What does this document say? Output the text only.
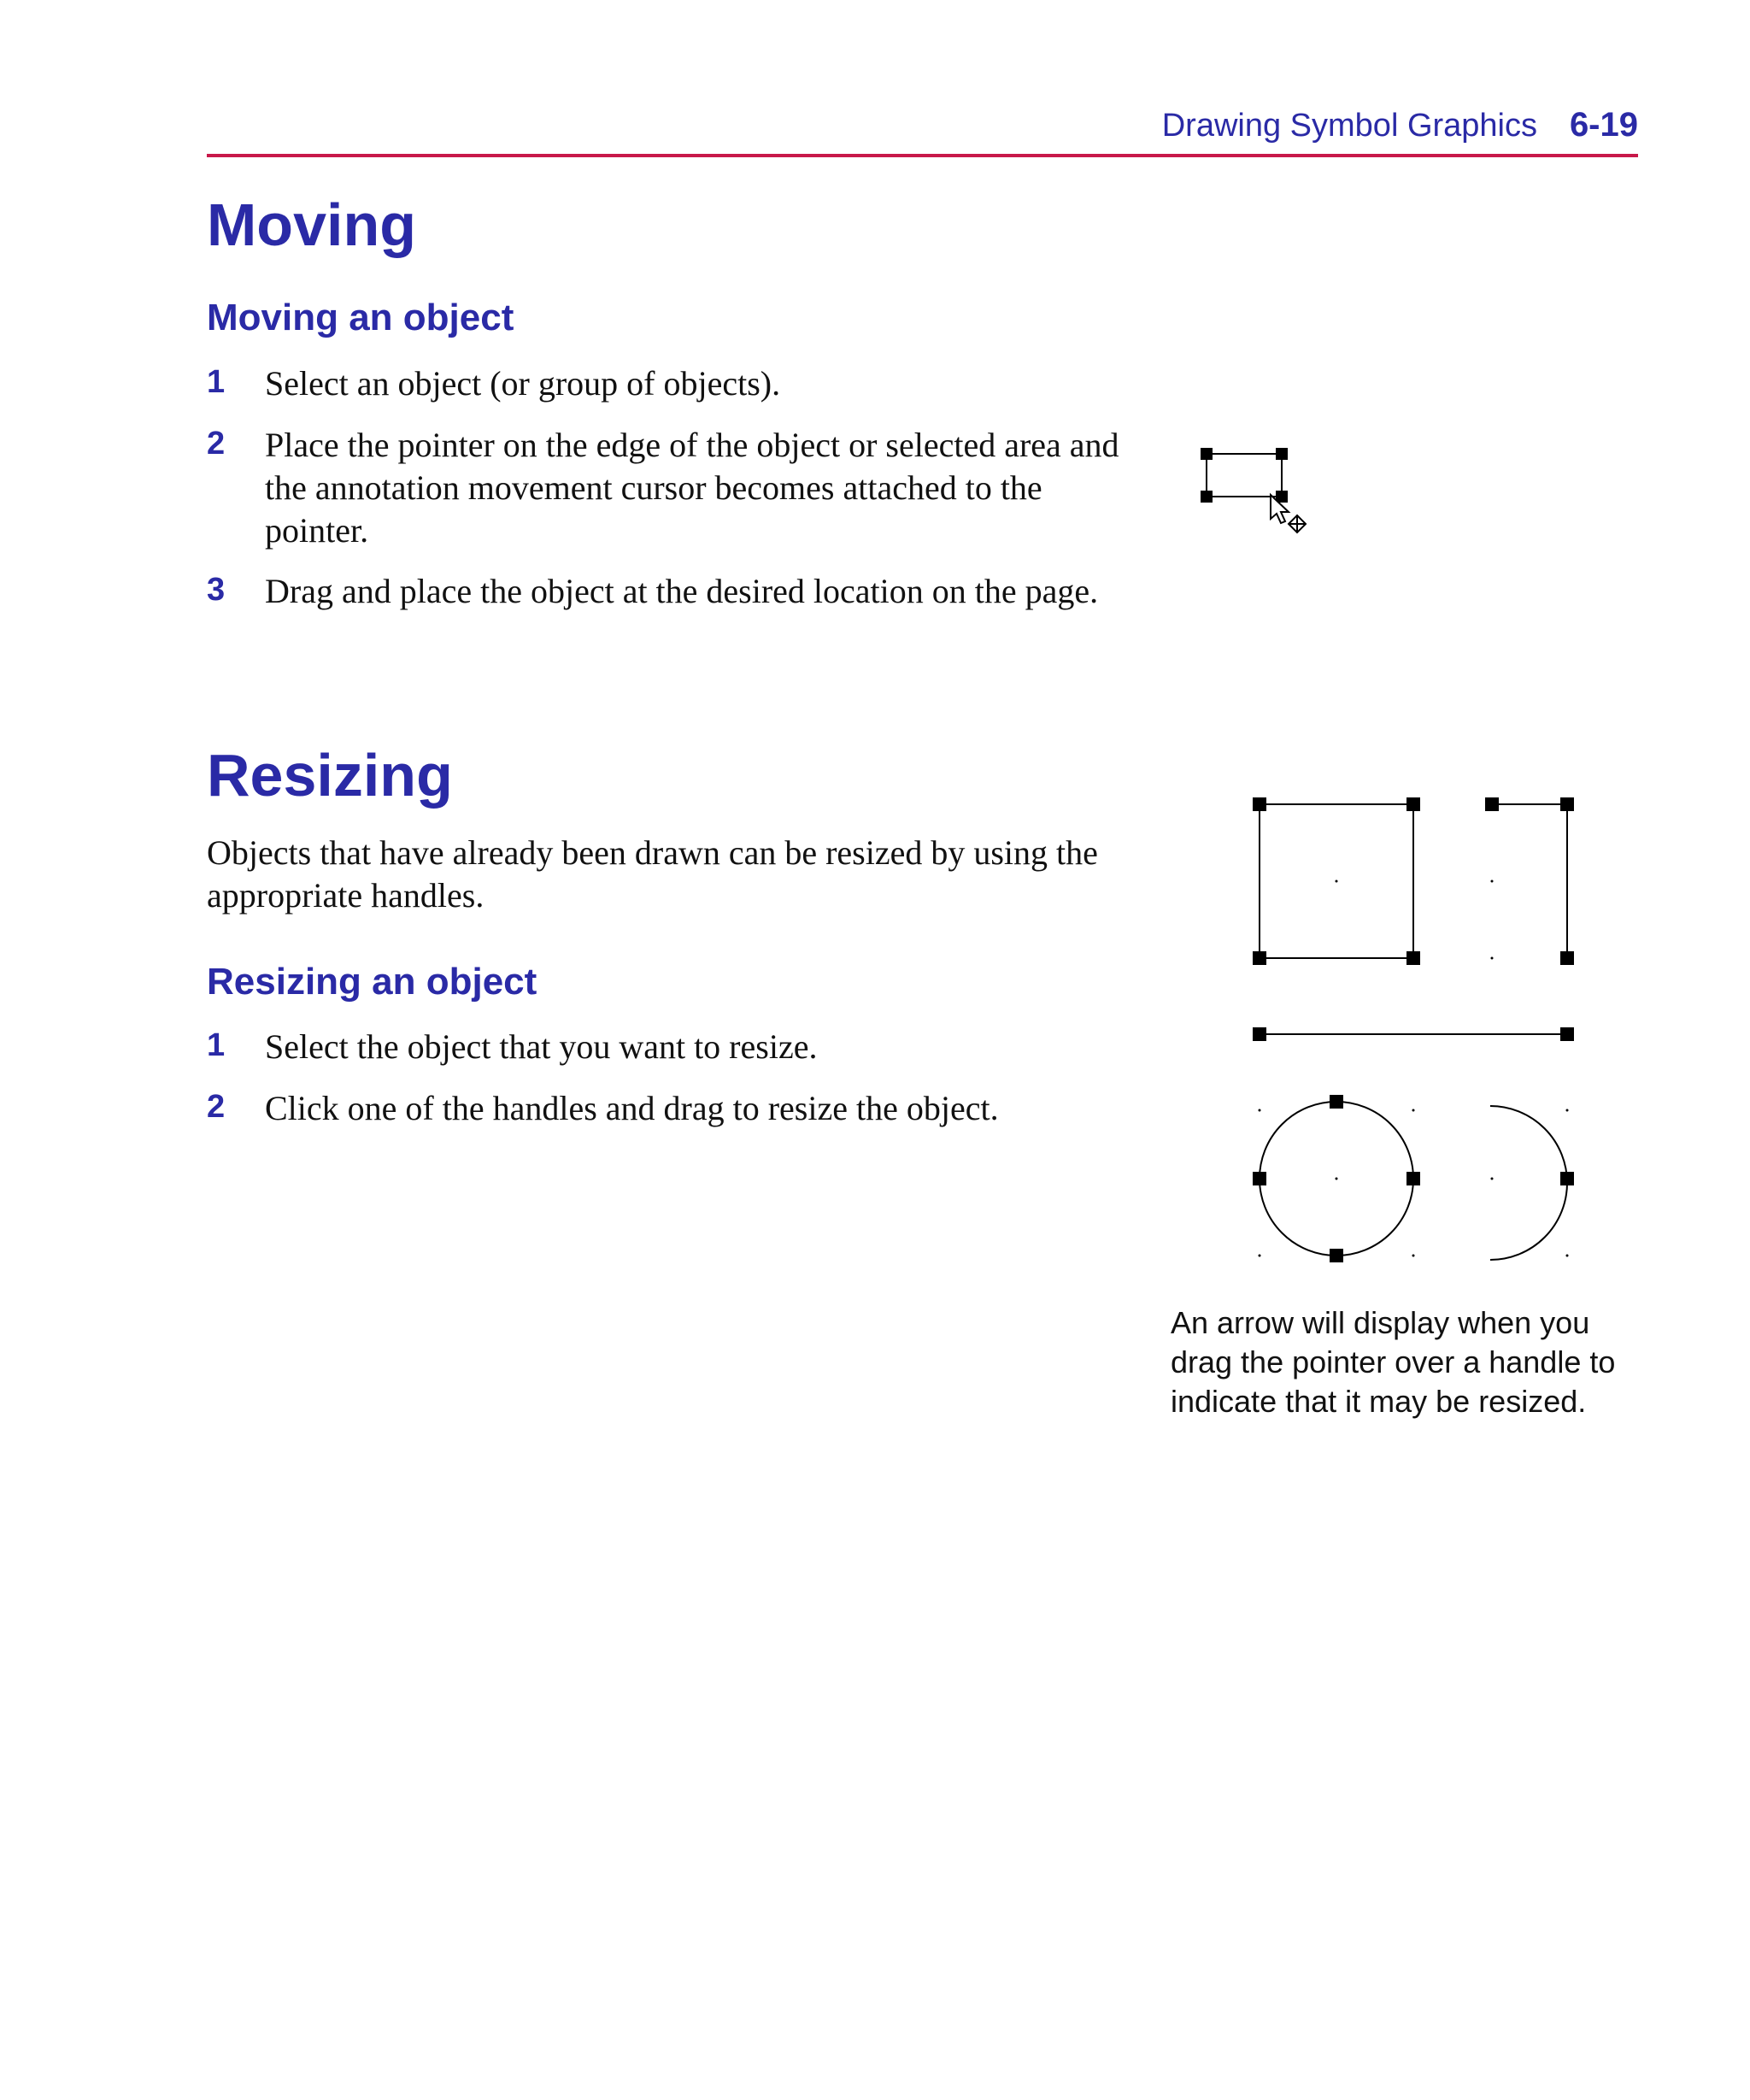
Drawing Symbol Graphics 6-19
Moving
Moving an object
1 Select an object (or group of objects).
2 Place the pointer on the edge of the object or selected area and the annotation movement cursor becomes attached to the pointer.
3 Drag and place the object at the desired location on the page.
Resizing

Objects that have already been drawn can be resized by using the appropriate handles.

Resizing an object
1 Select the object that you want to resize.
2 Click one of the handles and drag to resize the object.

An arrow will display when you drag the pointer over a handle to indicate that it may be resized.
